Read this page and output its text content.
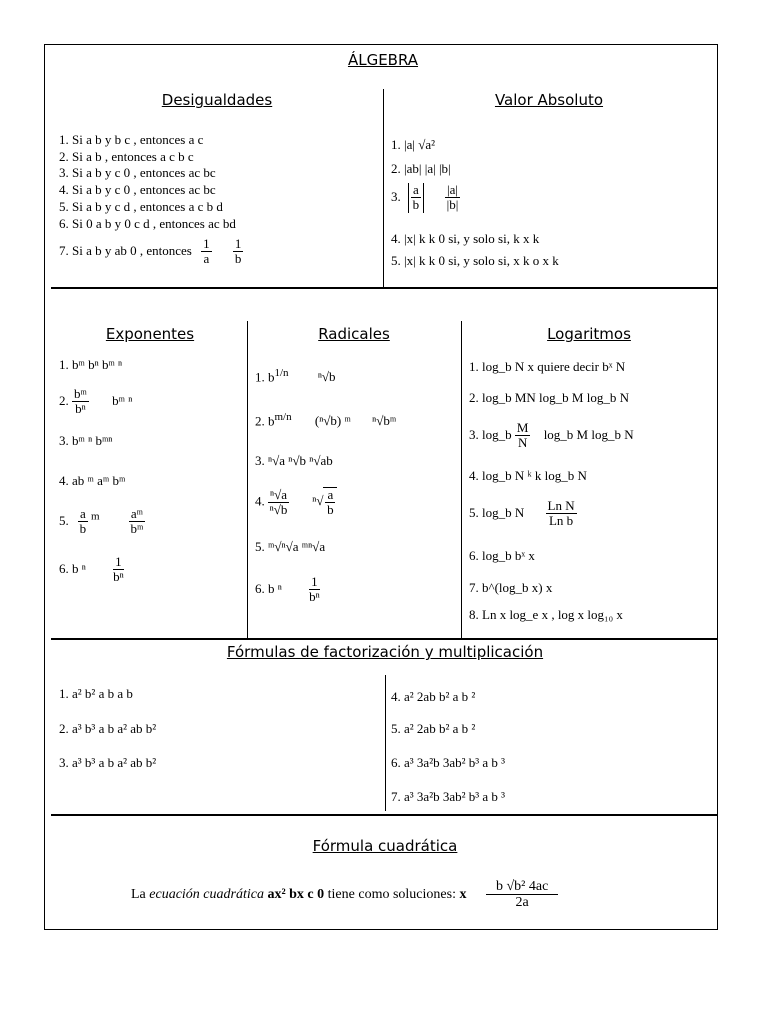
ÁLGEBRA
Desigualdades
1. Si a b y b c , entonces a c
2. Si a b , entonces a c b c
3. Si a b y c 0 , entonces ac bc
4. Si a b y c 0 , entonces ac bc
5. Si a b y c d , entonces a c b d
6. Si 0 a b y 0 c d , entonces ac bd
7. Si a b y ab 0 , entonces $\frac{1}{a}$
$\frac{1}{b}$
Valor Absoluto
1. |a| √a²
2. |ab| |a| |b|
3. $\frac{a}{b}$
$\frac{|a|}{|b|}$
4. |x| k k 0 si, y solo si, k x k
5. |x| k k 0 si, y solo si, x k o x k
Exponentes
1. bᵐ bⁿ bᵐ ⁿ
2. $\frac{\text{bᵐ}}{\text{bⁿ}}$ bᵐ ⁿ
3. bᵐ ⁿ bᵐⁿ
4. ab ᵐ aᵐ bᵐ
5. $\frac{a}{b} ^m \frac{\text{aᵐ}}{\text{bᵐ}}$
6. b ⁿ $\frac{1}{\text{bⁿ}}$
Radicales
1. $b^{1/n}$ ⁿ√b
2. $b^{m/n}$ (ⁿ√b) ᵐ ⁿ√bᵐ
3. ⁿ√a ⁿ√b ⁿ√ab
4. $\frac{\text{ⁿ√a}}{\text{ⁿ√b}} ^n√ \frac{a}{b}$
5. ᵐ√ⁿ√a ᵐⁿ√a
6. b ⁿ $\frac{1}{\text{bⁿ}}$
Logaritmos
1. log_b N x quiere decir bˣ N
2. log_b MN log_b M log_b N
3. log_b $\frac{M}{N}$ log_b M log_b N
4. log_b N ᵏ k log_b N
5. log_b N $\frac{\text{Ln N}}{\text{Ln b}}$
6. log_b bˣ x
7. b^(log_b x) x
8. Ln x log_e x , log x log₁₀ x
Fórmulas de factorización y multiplicación
1. a² b² a b a b
2. a³ b³ a b a² ab b²
3. a³ b³ a b a² ab b²
4. a² 2ab b² a b ²
5. a² 2ab b² a b ²
6. a³ 3a²b 3ab² b³ a b ³
7. a³ 3a²b 3ab² b³ a b ³
Fórmula cuadrática
La ecuación cuadrática ax² bx c 0 tiene como soluciones: x $\frac{\text{b √b² 4ac}}{2a}$
